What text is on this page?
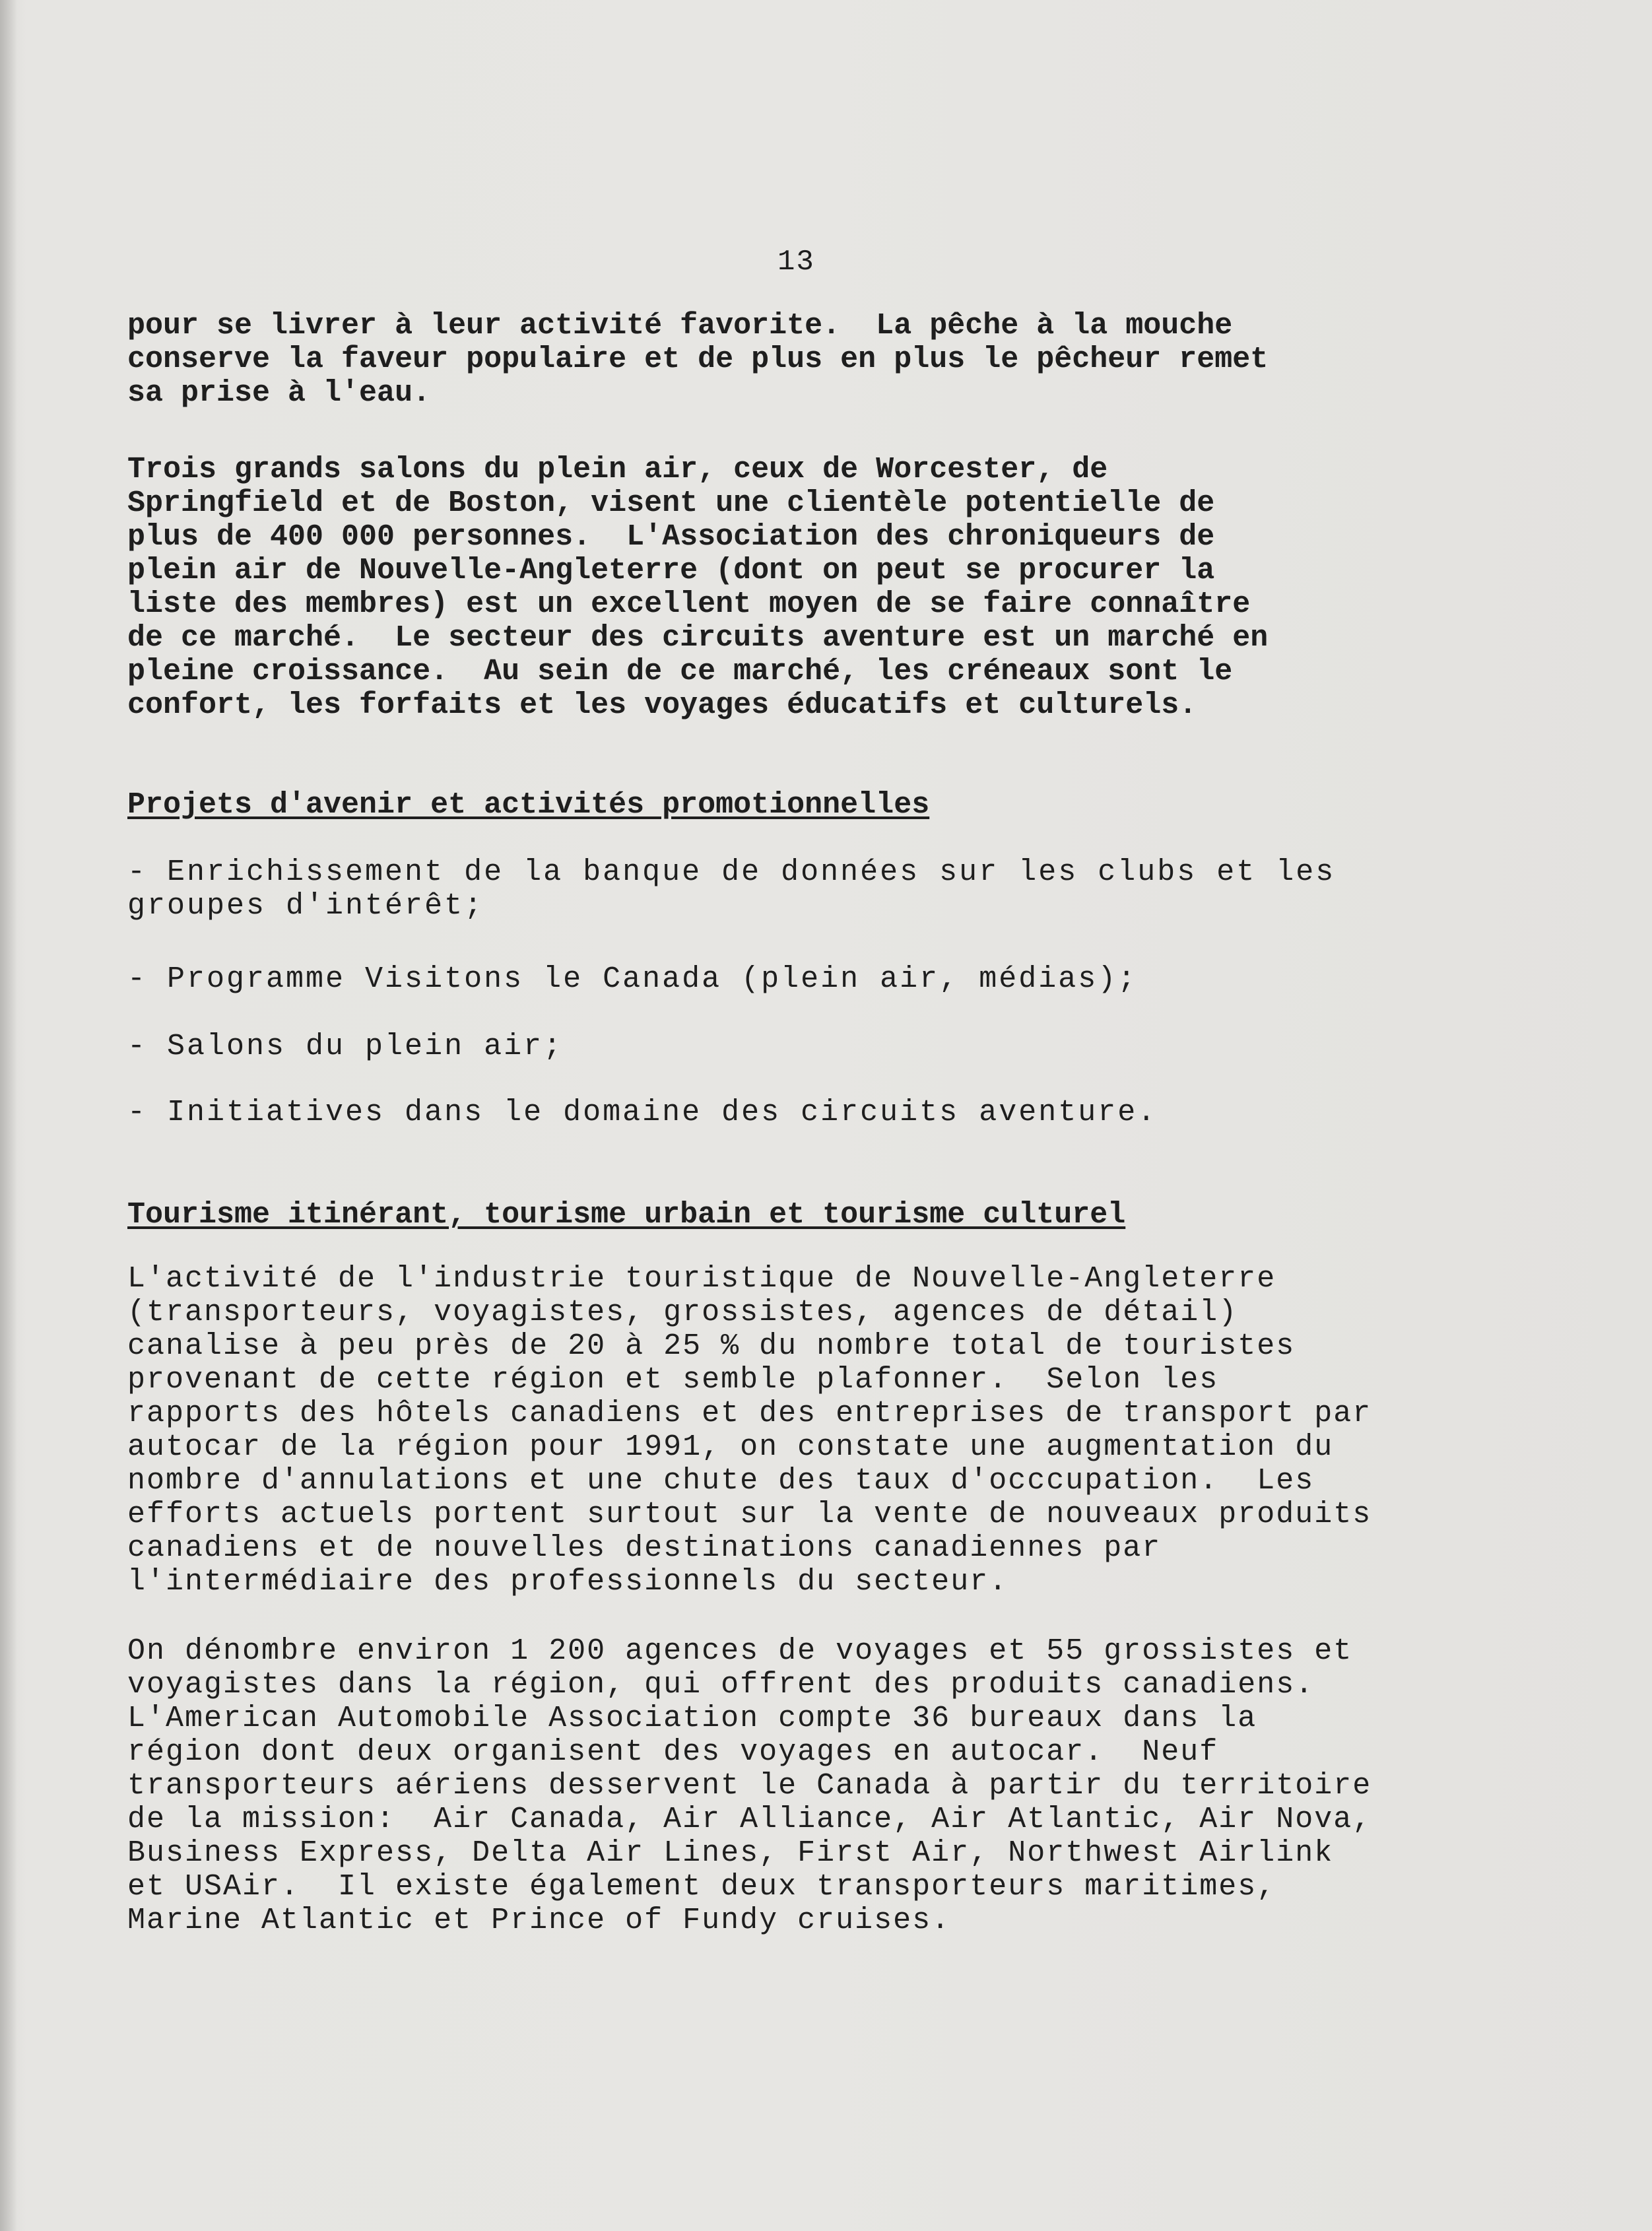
13

pour se livrer à leur activité favorite.  La pêche à la mouche
conserve la faveur populaire et de plus en plus le pêcheur remet
sa prise à l'eau.

Trois grands salons du plein air, ceux de Worcester, de
Springfield et de Boston, visent une clientèle potentielle de
plus de 400 000 personnes.  L'Association des chroniqueurs de
plein air de Nouvelle-Angleterre (dont on peut se procurer la
liste des membres) est un excellent moyen de se faire connaître
de ce marché.  Le secteur des circuits aventure est un marché en
pleine croissance.  Au sein de ce marché, les créneaux sont le
confort, les forfaits et les voyages éducatifs et culturels.

Projets d'avenir et activités promotionnelles

- Enrichissement de la banque de données sur les clubs et les
groupes d'intérêt;

- Programme Visitons le Canada (plein air, médias);

- Salons du plein air;

- Initiatives dans le domaine des circuits aventure.

Tourisme itinérant, tourisme urbain et tourisme culturel

L'activité de l'industrie touristique de Nouvelle-Angleterre
(transporteurs, voyagistes, grossistes, agences de détail)
canalise à peu près de 20 à 25 % du nombre total de touristes
provenant de cette région et semble plafonner.  Selon les
rapports des hôtels canadiens et des entreprises de transport par
autocar de la région pour 1991, on constate une augmentation du
nombre d'annulations et une chute des taux d'occcupation.  Les
efforts actuels portent surtout sur la vente de nouveaux produits
canadiens et de nouvelles destinations canadiennes par
l'intermédiaire des professionnels du secteur.

On dénombre environ 1 200 agences de voyages et 55 grossistes et
voyagistes dans la région, qui offrent des produits canadiens.
L'American Automobile Association compte 36 bureaux dans la
région dont deux organisent des voyages en autocar.  Neuf
transporteurs aériens desservent le Canada à partir du territoire
de la mission:  Air Canada, Air Alliance, Air Atlantic, Air Nova,
Business Express, Delta Air Lines, First Air, Northwest Airlink
et USAir.  Il existe également deux transporteurs maritimes,
Marine Atlantic et Prince of Fundy cruises.
